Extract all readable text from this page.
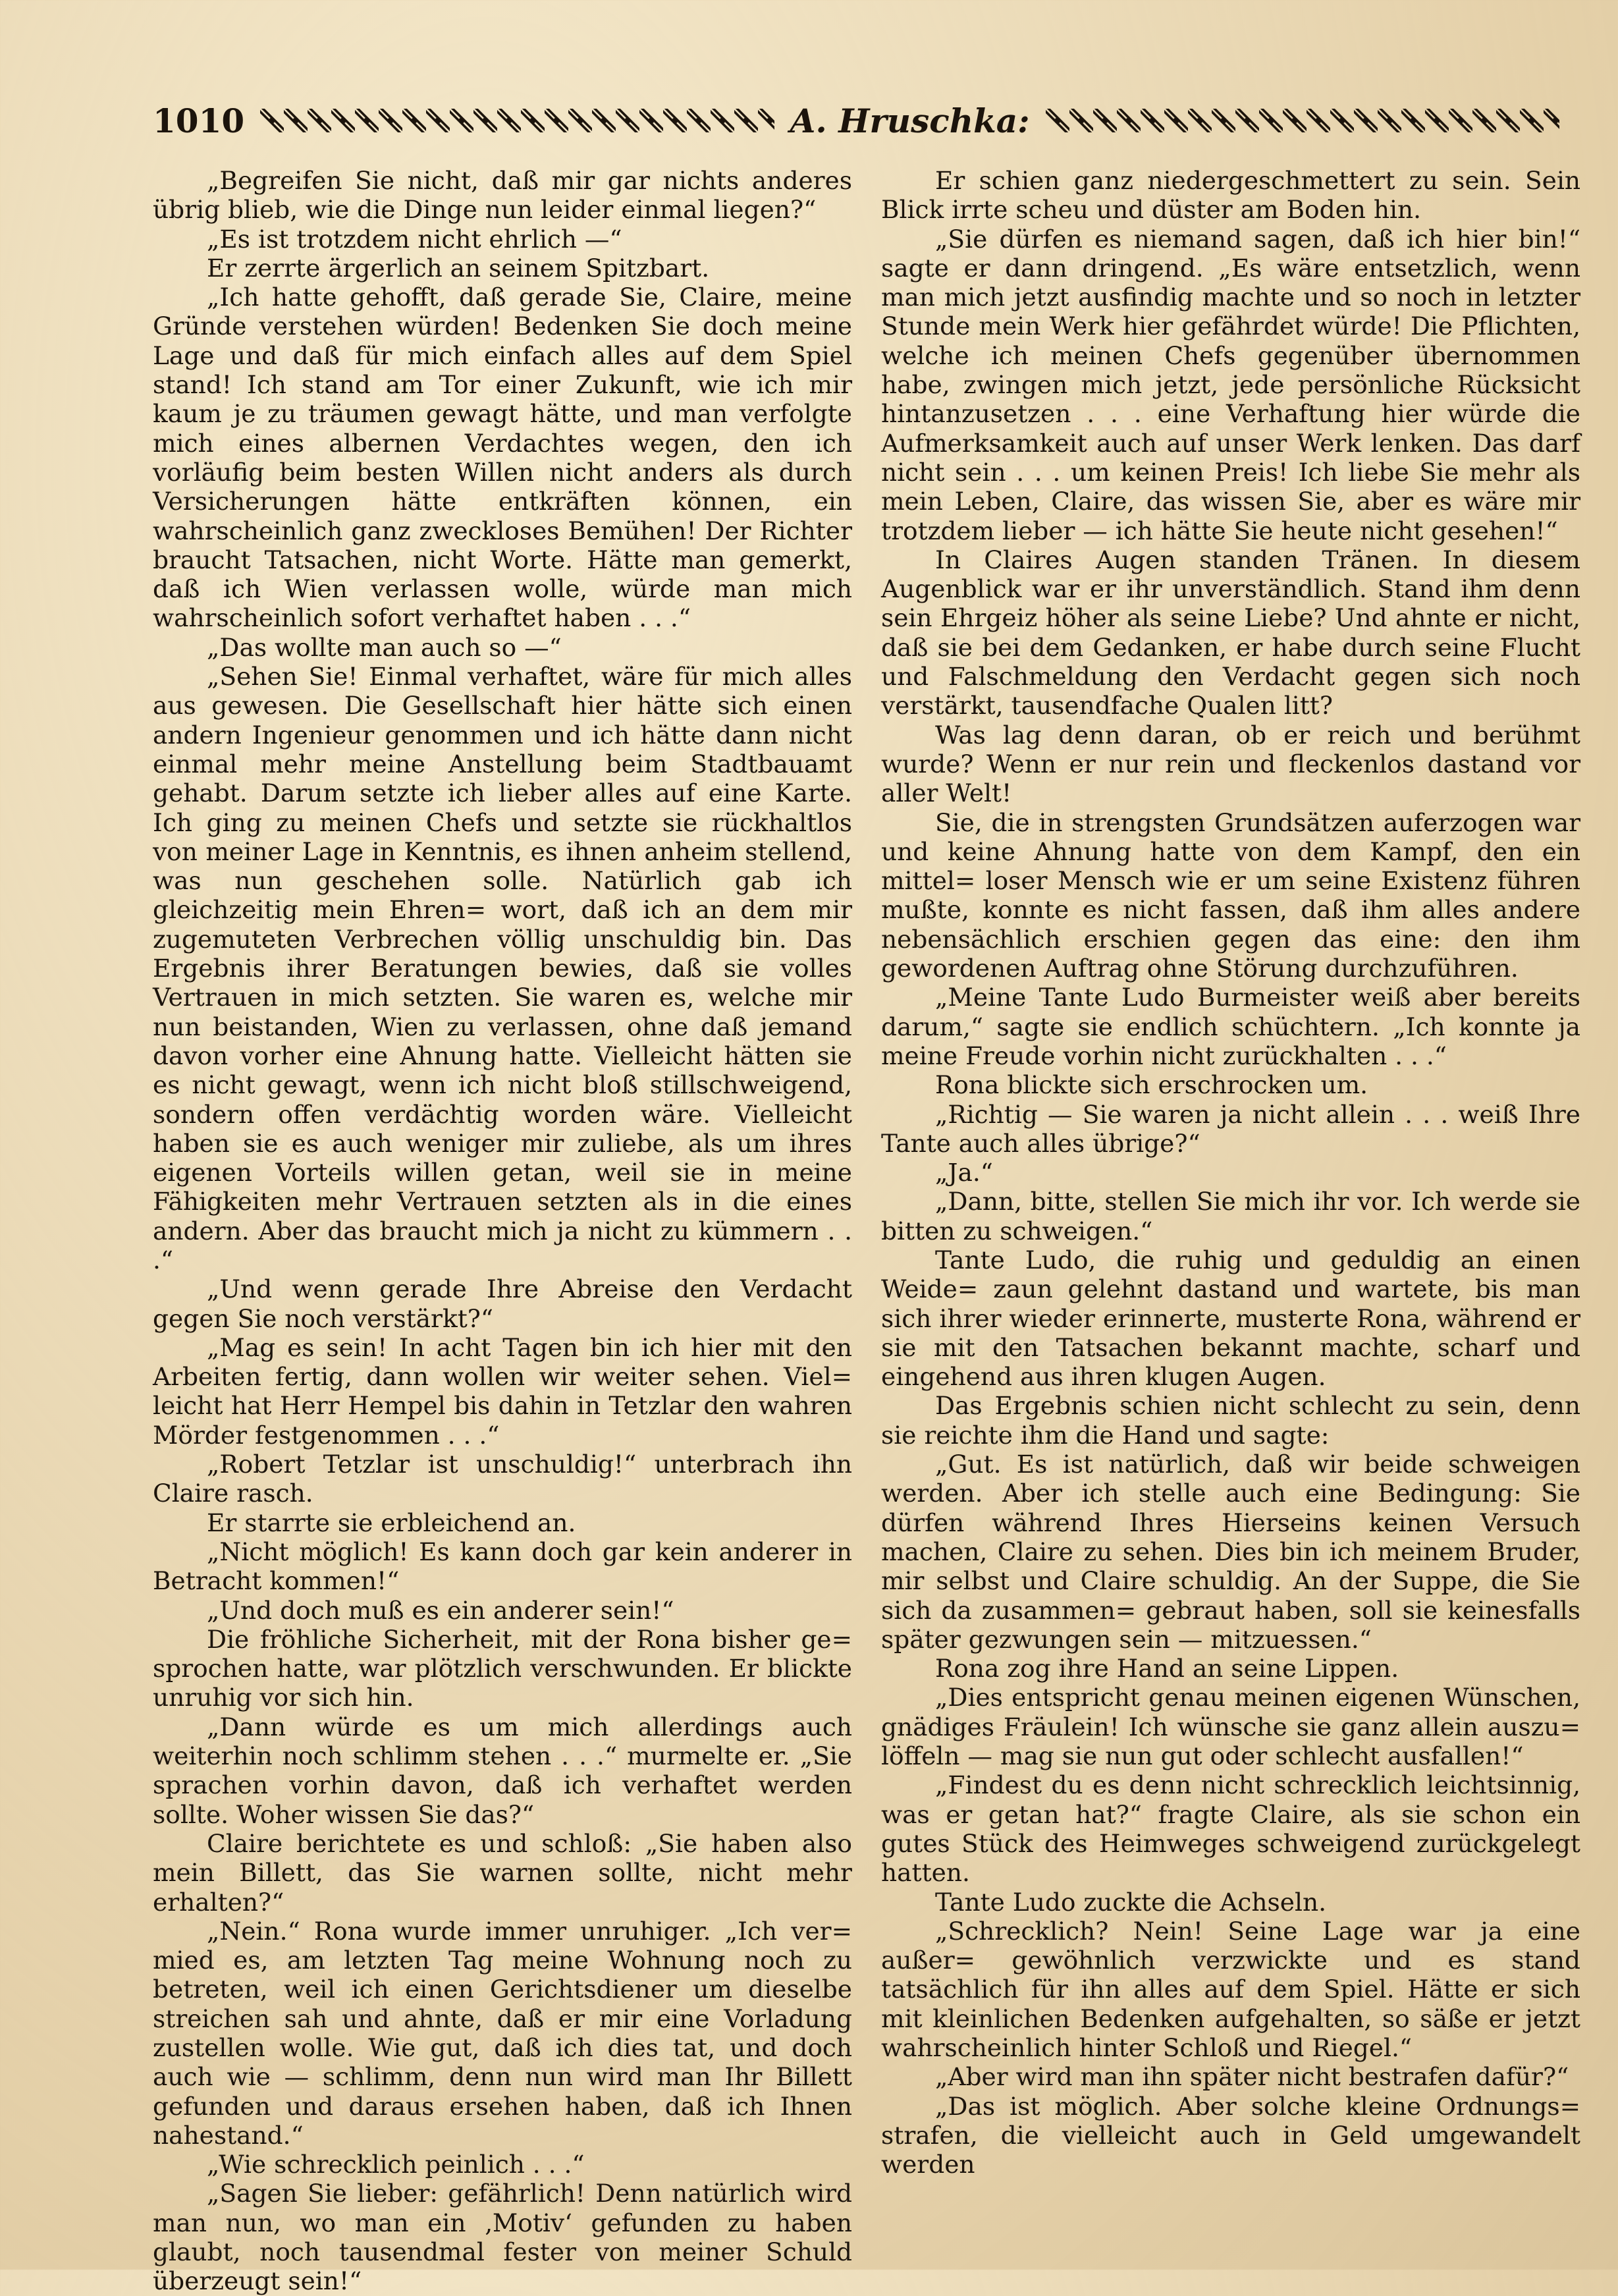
1010	A. Hruschka:

„Begreifen Sie nicht, daß mir gar nichts anderes übrig blieb, wie die Dinge nun leider einmal liegen?“

„Es ist trotzdem nicht ehrlich —“

Er zerrte ärgerlich an seinem Spitzbart.

„Ich hatte gehofft, daß gerade Sie, Claire, meine Gründe verstehen würden! Bedenken Sie doch meine Lage und daß für mich einfach alles auf dem Spiel stand! Ich stand am Tor einer Zukunft, wie ich mir kaum je zu träumen gewagt hätte, und man verfolgte mich eines albernen Verdachtes wegen, den ich vorläufig beim besten Willen nicht anders als durch Versicherungen hätte entkräften können, ein wahrscheinlich ganz zweckloses Bemühen! Der Richter braucht Tatsachen, nicht Worte. Hätte man gemerkt, daß ich Wien verlassen wolle, würde man mich wahrscheinlich sofort verhaftet haben . . .“

„Das wollte man auch so —“

„Sehen Sie! Einmal verhaftet, wäre für mich alles aus gewesen. Die Gesellschaft hier hätte sich einen andern Ingenieur genommen und ich hätte dann nicht einmal mehr meine Anstellung beim Stadtbauamt gehabt. Darum setzte ich lieber alles auf eine Karte. Ich ging zu meinen Chefs und setzte sie rückhaltlos von meiner Lage in Kenntnis, es ihnen anheim stellend, was nun geschehen solle. Natürlich gab ich gleichzeitig mein Ehren= wort, daß ich an dem mir zugemuteten Verbrechen völlig unschuldig bin. Das Ergebnis ihrer Beratungen bewies, daß sie volles Vertrauen in mich setzten. Sie waren es, welche mir nun beistanden, Wien zu verlassen, ohne daß jemand davon vorher eine Ahnung hatte. Vielleicht hätten sie es nicht gewagt, wenn ich nicht bloß stillschweigend, sondern offen verdächtig worden wäre. Vielleicht haben sie es auch weniger mir zuliebe, als um ihres eigenen Vorteils willen getan, weil sie in meine Fähigkeiten mehr Vertrauen setzten als in die eines andern. Aber das braucht mich ja nicht zu kümmern . . .“

„Und wenn gerade Ihre Abreise den Verdacht gegen Sie noch verstärkt?“

„Mag es sein! In acht Tagen bin ich hier mit den Arbeiten fertig, dann wollen wir weiter sehen. Viel= leicht hat Herr Hempel bis dahin in Tetzlar den wahren Mörder festgenommen . . .“

„Robert Tetzlar ist unschuldig!“ unterbrach ihn Claire rasch.

Er starrte sie erbleichend an.

„Nicht möglich! Es kann doch gar kein anderer in Betracht kommen!“

„Und doch muß es ein anderer sein!“

Die fröhliche Sicherheit, mit der Rona bisher ge= sprochen hatte, war plötzlich verschwunden. Er blickte unruhig vor sich hin.

„Dann würde es um mich allerdings auch weiterhin noch schlimm stehen . . .“ murmelte er. „Sie sprachen vorhin davon, daß ich verhaftet werden sollte. Woher wissen Sie das?“

Claire berichtete es und schloß: „Sie haben also mein Billett, das Sie warnen sollte, nicht mehr erhalten?“

„Nein.“ Rona wurde immer unruhiger. „Ich ver= mied es, am letzten Tag meine Wohnung noch zu betreten, weil ich einen Gerichtsdiener um dieselbe streichen sah und ahnte, daß er mir eine Vorladung zustellen wolle. Wie gut, daß ich dies tat, und doch auch wie — schlimm, denn nun wird man Ihr Billett gefunden und daraus ersehen haben, daß ich Ihnen nahestand.“

„Wie schrecklich peinlich . . .“

„Sagen Sie lieber: gefährlich! Denn natürlich wird man nun, wo man ein ‚Motiv‘ gefunden zu haben glaubt, noch tausendmal fester von meiner Schuld überzeugt sein!“

Er schien ganz niedergeschmettert zu sein. Sein Blick irrte scheu und düster am Boden hin.

„Sie dürfen es niemand sagen, daß ich hier bin!“ sagte er dann dringend. „Es wäre entsetzlich, wenn man mich jetzt ausfindig machte und so noch in letzter Stunde mein Werk hier gefährdet würde! Die Pflichten, welche ich meinen Chefs gegenüber übernommen habe, zwingen mich jetzt, jede persönliche Rücksicht hintanzusetzen . . . eine Verhaftung hier würde die Aufmerksamkeit auch auf unser Werk lenken. Das darf nicht sein . . . um keinen Preis! Ich liebe Sie mehr als mein Leben, Claire, das wissen Sie, aber es wäre mir trotzdem lieber — ich hätte Sie heute nicht gesehen!“

In Claires Augen standen Tränen. In diesem Augenblick war er ihr unverständlich. Stand ihm denn sein Ehrgeiz höher als seine Liebe? Und ahnte er nicht, daß sie bei dem Gedanken, er habe durch seine Flucht und Falschmeldung den Verdacht gegen sich noch verstärkt, tausendfache Qualen litt?

Was lag denn daran, ob er reich und berühmt wurde? Wenn er nur rein und fleckenlos dastand vor aller Welt!

Sie, die in strengsten Grundsätzen auferzogen war und keine Ahnung hatte von dem Kampf, den ein mittel= loser Mensch wie er um seine Existenz führen mußte, konnte es nicht fassen, daß ihm alles andere nebensächlich erschien gegen das eine: den ihm gewordenen Auftrag ohne Störung durchzuführen.

„Meine Tante Ludo Burmeister weiß aber bereits darum,“ sagte sie endlich schüchtern. „Ich konnte ja meine Freude vorhin nicht zurückhalten . . .“

Rona blickte sich erschrocken um.

„Richtig — Sie waren ja nicht allein . . . weiß Ihre Tante auch alles übrige?“

„Ja.“

„Dann, bitte, stellen Sie mich ihr vor. Ich werde sie bitten zu schweigen.“

Tante Ludo, die ruhig und geduldig an einen Weide= zaun gelehnt dastand und wartete, bis man sich ihrer wieder erinnerte, musterte Rona, während er sie mit den Tatsachen bekannt machte, scharf und eingehend aus ihren klugen Augen.

Das Ergebnis schien nicht schlecht zu sein, denn sie reichte ihm die Hand und sagte:

„Gut. Es ist natürlich, daß wir beide schweigen werden. Aber ich stelle auch eine Bedingung: Sie dürfen während Ihres Hierseins keinen Versuch machen, Claire zu sehen. Dies bin ich meinem Bruder, mir selbst und Claire schuldig. An der Suppe, die Sie sich da zusammen= gebraut haben, soll sie keinesfalls später gezwungen sein — mitzuessen.“

Rona zog ihre Hand an seine Lippen.

„Dies entspricht genau meinen eigenen Wünschen, gnädiges Fräulein! Ich wünsche sie ganz allein auszu= löffeln — mag sie nun gut oder schlecht ausfallen!“

„Findest du es denn nicht schrecklich leichtsinnig, was er getan hat?“ fragte Claire, als sie schon ein gutes Stück des Heimweges schweigend zurückgelegt hatten.

Tante Ludo zuckte die Achseln.

„Schrecklich? Nein! Seine Lage war ja eine außer= gewöhnlich verzwickte und es stand tatsächlich für ihn alles auf dem Spiel. Hätte er sich mit kleinlichen Bedenken aufgehalten, so säße er jetzt wahrscheinlich hinter Schloß und Riegel.“

„Aber wird man ihn später nicht bestrafen dafür?“

„Das ist möglich. Aber solche kleine Ordnungs= strafen, die vielleicht auch in Geld umgewandelt werden
